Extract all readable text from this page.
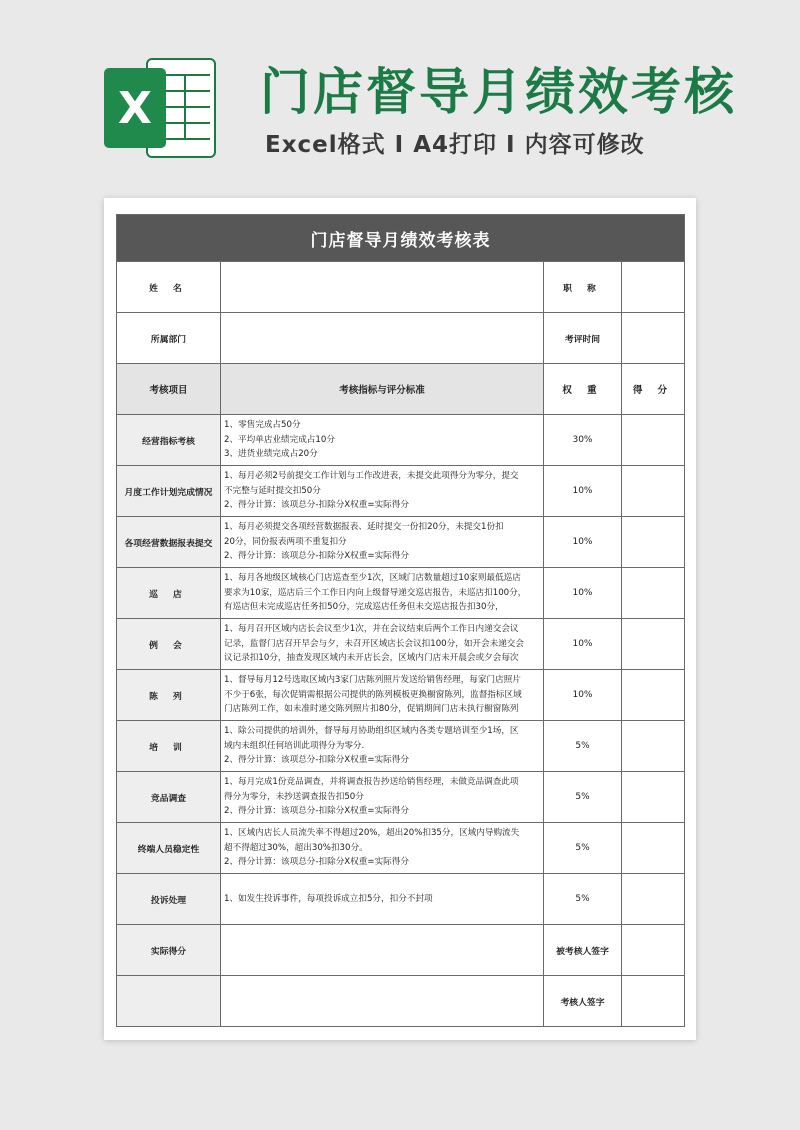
X 门店督导月绩效考核
Excel格式 I A4打印 I 内容可修改
门店督导月绩效考核表			
姓 名		职 称	
所属部门		考评时间	
考核项目	考核指标与评分标准	权 重	得 分
经营指标考核	1、零售完成占50分
2、平均单店业绩完成占10分
3、进货业绩完成占20分	30%	
月度工作计划完成情况	1、每月必须2号前提交工作计划与工作改进表，未提交此项得分为零分，提交
不完整与延时提交扣50分
2、得分计算：该项总分-扣除分X权重=实际得分	10%	
各项经营数据报表提交	1、每月必须提交各项经营数据报表、延时提交一份扣20分，未提交1份扣
20分，同份报表两项不重复扣分
2、得分计算：该项总分-扣除分X权重=实际得分	10%	
巡 店	1、每月各地级区域核心门店巡查至少1次，区域门店数量超过10家则最低巡店
要求为10家，巡店后三个工作日内向上级督导递交巡店报告，未巡店扣100分，
有巡店但未完成巡店任务扣50分，完成巡店任务但未交巡店报告扣30分，	10%	
例 会	1、每月召开区域内店长会议至少1次，并在会议结束后两个工作日内递交会议
记录，监督门店召开早会与夕，未召开区域店长会议扣100分，如开会未递交会
议记录扣10分，抽查发现区域内未开店长会，区域内门店未开晨会或夕会每次	10%	
陈 列	1、督导每月12号选取区域内3家门店陈列照片发送给销售经理，每家门店照片
不少于6张，每次促销需根据公司提供的陈列模板更换橱窗陈列，监督指标区域
门店陈列工作，如未准时递交陈列照片扣80分，促销期间门店未执行橱窗陈列	10%	
培 训	1、除公司提供的培训外，督导每月协助组织区域内各类专题培训至少1场，区
域内未组织任何培训此项得分为零分.
2、得分计算：该项总分-扣除分X权重=实际得分	5%	
竞品调查	1、每月完成1份竞品调查，并将调查报告抄送给销售经理，未做竞品调查此项
得分为零分，未抄送调查报告扣50分
2、得分计算：该项总分-扣除分X权重=实际得分	5%	
终端人员稳定性	1、区域内店长人员流失率不得超过20%，超出20%扣35分，区域内导购流失
超不得超过30%，超出30%扣30分。
2、得分计算：该项总分-扣除分X权重=实际得分	5%	
投诉处理	1、如发生投诉事件，每项投诉成立扣5分，扣分不封项	5%	
实际得分		被考核人签字	
		考核人签字	
